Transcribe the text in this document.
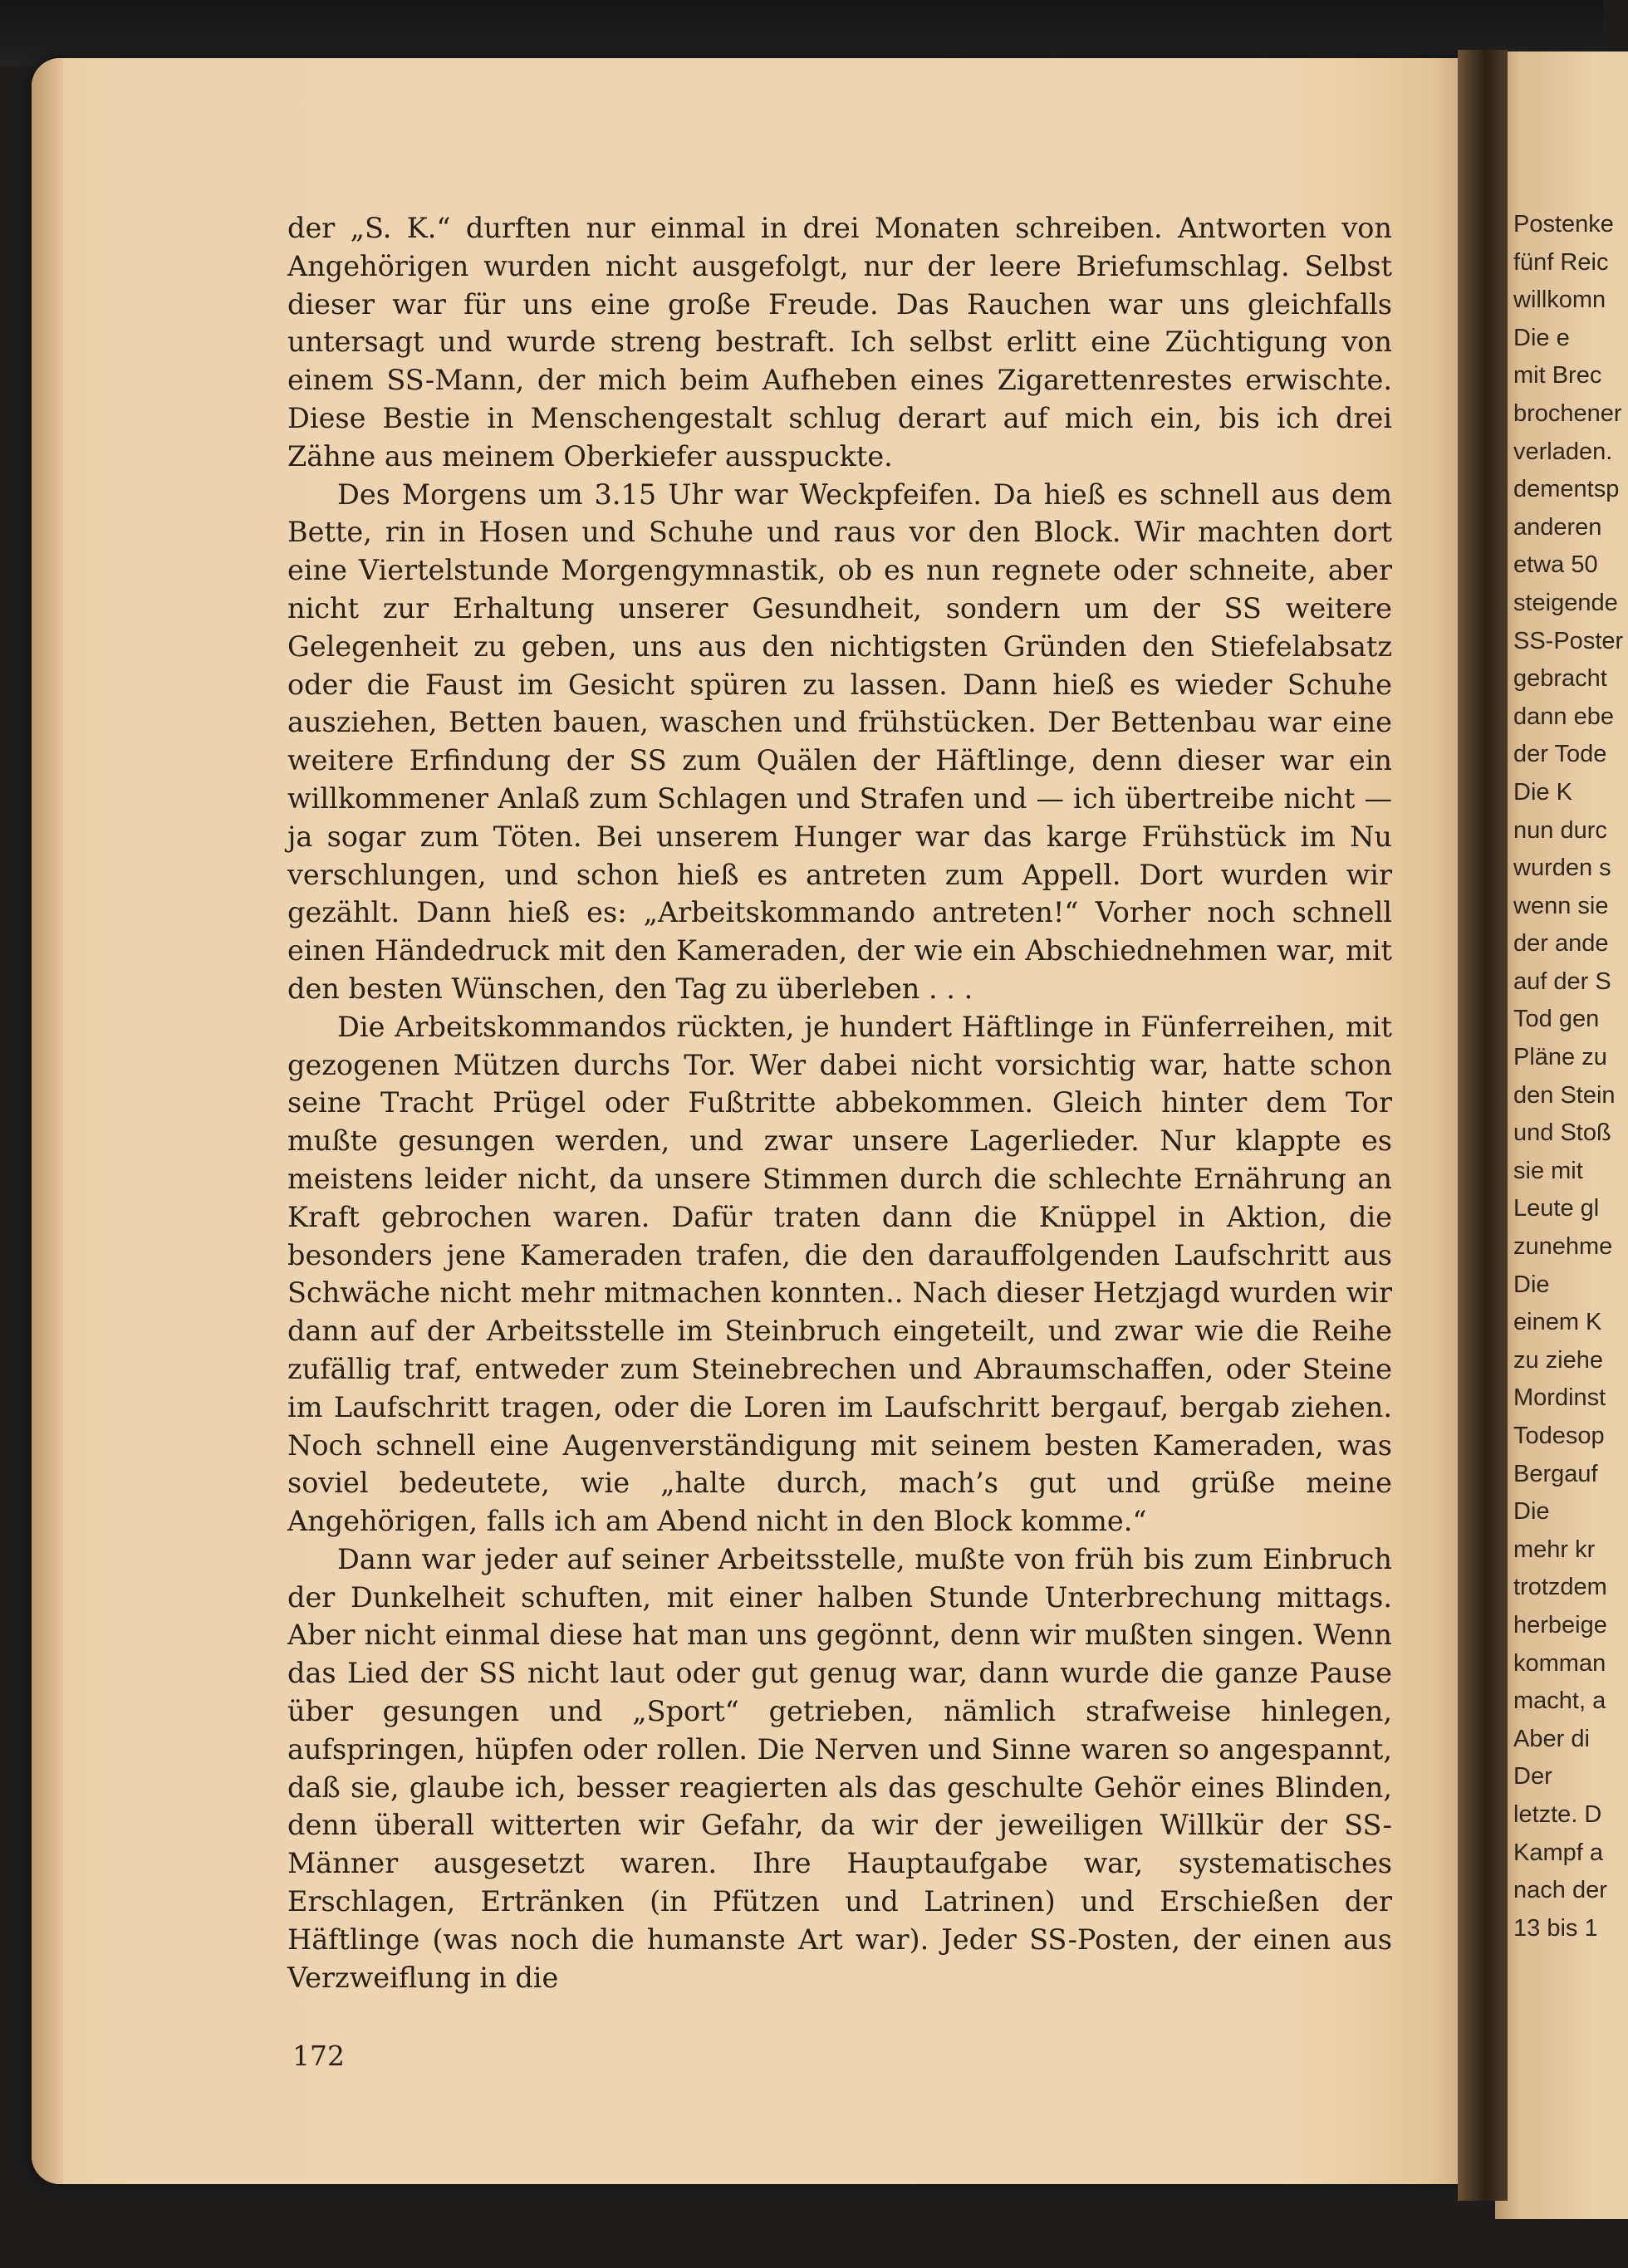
Postenke
fünf Reic
willkomn
Die e
mit Brec
brochener
verladen.
dementsp
anderen
etwa 50
steigende
SS-Poster
gebracht
dann ebe
der Tode
Die K
nun durc
wurden s
wenn sie
der ande
auf der S
Tod gen
Pläne zu
den Stein
und Stoß
sie mit
Leute gl
zunehme
Die
einem K
zu ziehe
Mordinst
Todesop
Bergauf
Die
mehr kr
trotzdem
herbeige
komman
macht, a
Aber di
Der
letzte. D
Kampf a
nach der
13 bis 1

der „S. K.“ durften nur einmal in drei Monaten schreiben. Antworten von Angehörigen wurden nicht ausgefolgt, nur der leere Briefumschlag. Selbst dieser war für uns eine große Freude. Das Rauchen war uns gleichfalls untersagt und wurde streng bestraft. Ich selbst erlitt eine Züchtigung von einem SS-Mann, der mich beim Aufheben eines Zigarettenrestes erwischte. Diese Bestie in Menschengestalt schlug derart auf mich ein, bis ich drei Zähne aus meinem Oberkiefer ausspuckte.

Des Morgens um 3.15 Uhr war Weckpfeifen. Da hieß es schnell aus dem Bette, rin in Hosen und Schuhe und raus vor den Block. Wir machten dort eine Viertelstunde Morgengymnastik, ob es nun regnete oder schneite, aber nicht zur Erhaltung unserer Gesundheit, sondern um der SS weitere Gelegenheit zu geben, uns aus den nichtigsten Gründen den Stiefelabsatz oder die Faust im Gesicht spüren zu lassen. Dann hieß es wieder Schuhe ausziehen, Betten bauen, waschen und frühstücken. Der Bettenbau war eine weitere Erfindung der SS zum Quälen der Häftlinge, denn dieser war ein willkommener Anlaß zum Schlagen und Strafen und — ich übertreibe nicht — ja sogar zum Töten. Bei unserem Hunger war das karge Frühstück im Nu verschlungen, und schon hieß es antreten zum Appell. Dort wurden wir gezählt. Dann hieß es: „Arbeitskommando antreten!“ Vorher noch schnell einen Händedruck mit den Kameraden, der wie ein Abschiednehmen war, mit den besten Wünschen, den Tag zu überleben . . .

Die Arbeitskommandos rückten, je hundert Häftlinge in Fünferreihen, mit gezogenen Mützen durchs Tor. Wer dabei nicht vorsichtig war, hatte schon seine Tracht Prügel oder Fußtritte abbekommen. Gleich hinter dem Tor mußte gesungen werden, und zwar unsere Lagerlieder. Nur klappte es meistens leider nicht, da unsere Stimmen durch die schlechte Ernährung an Kraft gebrochen waren. Dafür traten dann die Knüppel in Aktion, die besonders jene Kameraden trafen, die den darauffolgenden Laufschritt aus Schwäche nicht mehr mitmachen konnten.. Nach dieser Hetzjagd wurden wir dann auf der Arbeitsstelle im Steinbruch eingeteilt, und zwar wie die Reihe zufällig traf, entweder zum Steinebrechen und Abraumschaffen, oder Steine im Laufschritt tragen, oder die Loren im Laufschritt bergauf, bergab ziehen. Noch schnell eine Augenverständigung mit seinem besten Kameraden, was soviel bedeutete, wie „halte durch, mach’s gut und grüße meine Angehörigen, falls ich am Abend nicht in den Block komme.“

Dann war jeder auf seiner Arbeitsstelle, mußte von früh bis zum Einbruch der Dunkelheit schuften, mit einer halben Stunde Unterbrechung mittags. Aber nicht einmal diese hat man uns gegönnt, denn wir mußten singen. Wenn das Lied der SS nicht laut oder gut genug war, dann wurde die ganze Pause über gesungen und „Sport“ getrieben, nämlich strafweise hinlegen, aufspringen, hüpfen oder rollen. Die Nerven und Sinne waren so angespannt, daß sie, glaube ich, besser reagierten als das geschulte Gehör eines Blinden, denn überall witterten wir Gefahr, da wir der jeweiligen Willkür der SS-Männer ausgesetzt waren. Ihre Hauptaufgabe war, systematisches Erschlagen, Ertränken (in Pfützen und Latrinen) und Erschießen der Häftlinge (was noch die humanste Art war). Jeder SS-Posten, der einen aus Verzweiflung in die

172
